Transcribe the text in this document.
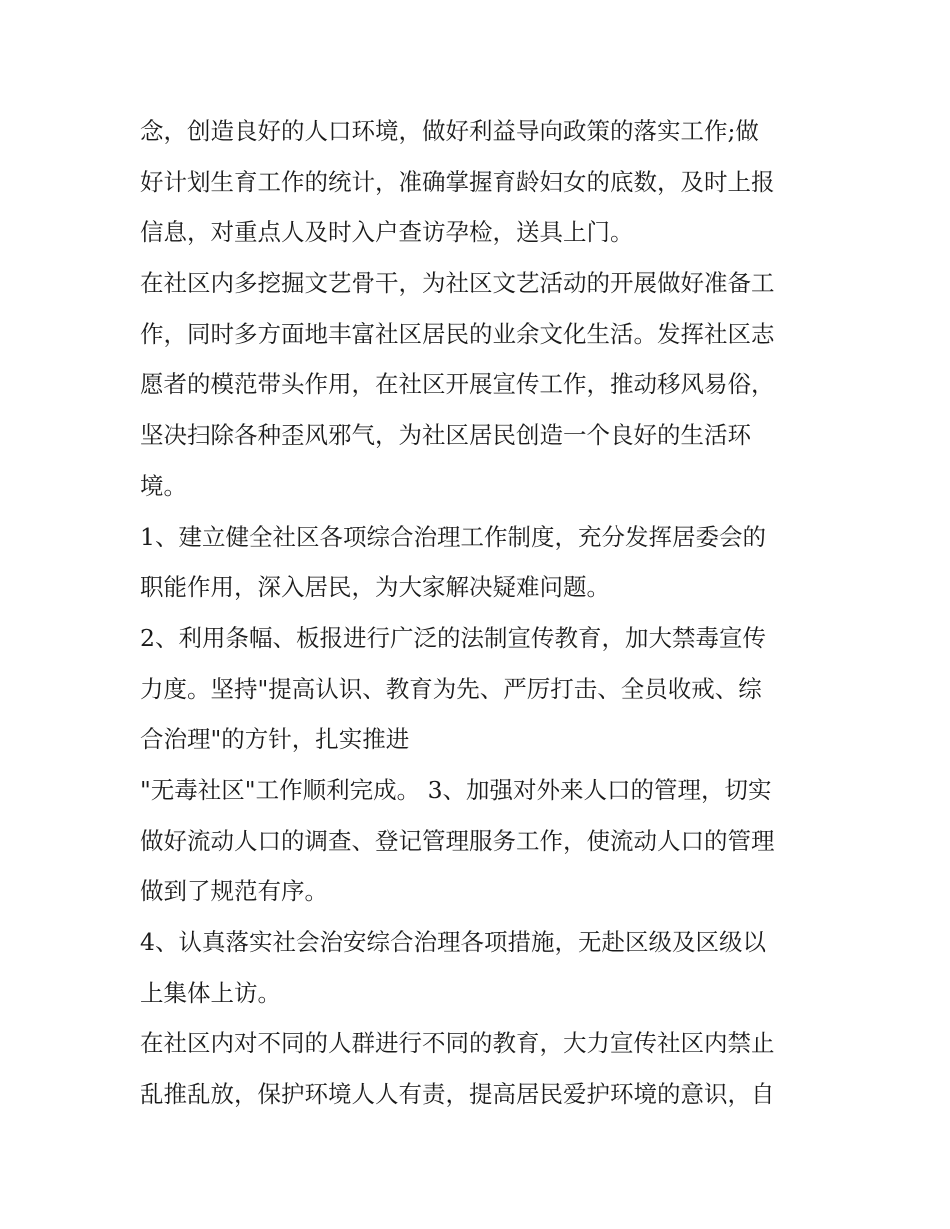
念，创造良好的人口环境，做好利益导向政策的落实工作;做
好计划生育工作的统计，准确掌握育龄妇女的底数，及时上报
信息，对重点人及时入户查访孕检，送具上门。
在社区内多挖掘文艺骨干，为社区文艺活动的开展做好准备工
作，同时多方面地丰富社区居民的业余文化生活。发挥社区志
愿者的模范带头作用，在社区开展宣传工作，推动移风易俗，
坚决扫除各种歪风邪气，为社区居民创造一个良好的生活环
境。
1、建立健全社区各项综合治理工作制度，充分发挥居委会的
职能作用，深入居民，为大家解决疑难问题。
2、利用条幅、板报进行广泛的法制宣传教育，加大禁毒宣传
力度。坚持"提高认识、教育为先、严厉打击、全员收戒、综
合治理"的方针，扎实推进
"无毒社区"工作顺利完成。 3、加强对外来人口的管理，切实
做好流动人口的调查、登记管理服务工作，使流动人口的管理
做到了规范有序。
4、认真落实社会治安综合治理各项措施，无赴区级及区级以
上集体上访。
在社区内对不同的人群进行不同的教育，大力宣传社区内禁止
乱推乱放，保护环境人人有责，提高居民爱护环境的意识，自
